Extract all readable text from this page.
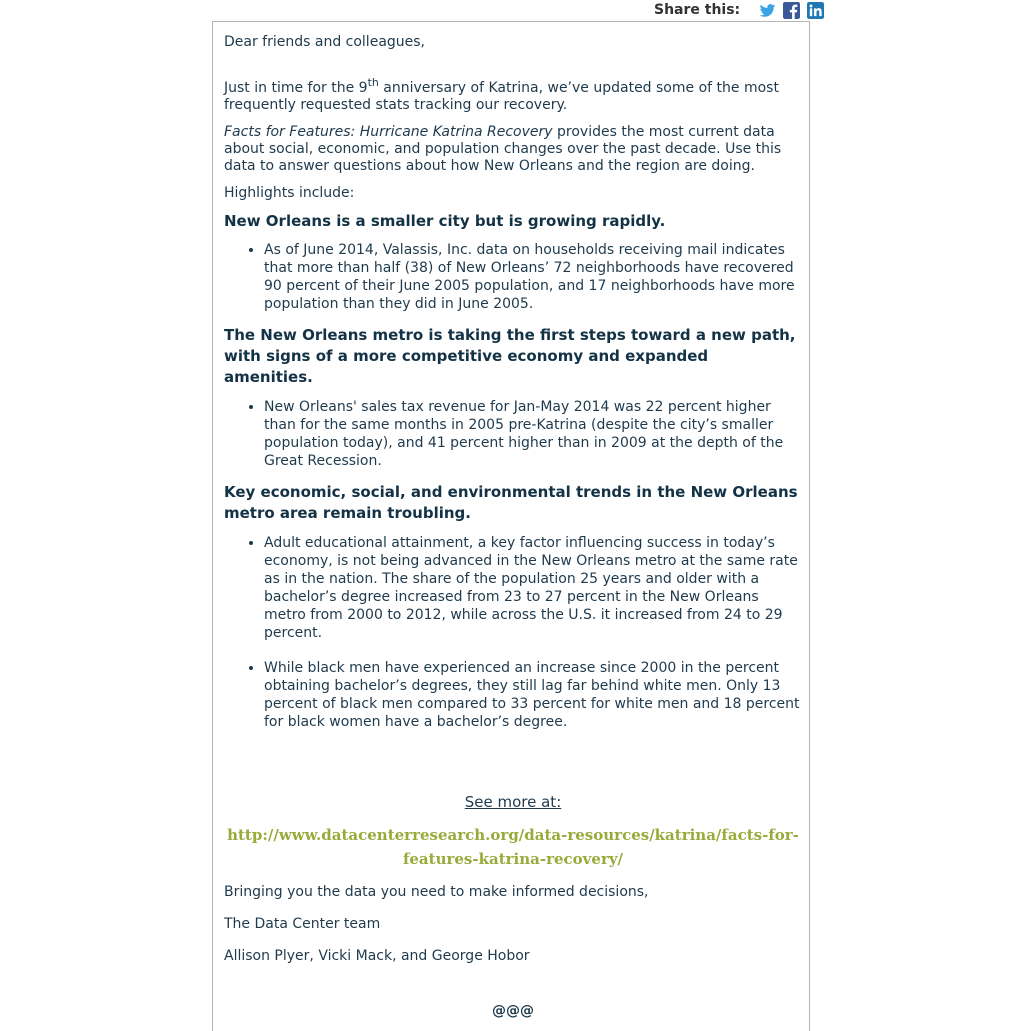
Share this:

Dear friends and colleagues,

Just in time for the 9th anniversary of Katrina, we’ve updated some of the most frequently requested stats tracking our recovery.

Facts for Features: Hurricane Katrina Recovery provides the most current data about social, economic, and population changes over the past decade. Use this data to answer questions about how New Orleans and the region are doing.

Highlights include:

New Orleans is a smaller city but is growing rapidly.
• As of June 2014, Valassis, Inc. data on households receiving mail indicates that more than half (38) of New Orleans’ 72 neighborhoods have recovered 90 percent of their June 2005 population, and 17 neighborhoods have more population than they did in June 2005.
The New Orleans metro is taking the first steps toward a new path, with signs of a more competitive economy and expanded amenities.
• New Orleans' sales tax revenue for Jan-May 2014 was 22 percent higher than for the same months in 2005 pre-Katrina (despite the city’s smaller population today), and 41 percent higher than in 2009 at the depth of the Great Recession.
Key economic, social, and environmental trends in the New Orleans metro area remain troubling.
• Adult educational attainment, a key factor influencing success in today’s economy, is not being advanced in the New Orleans metro at the same rate as in the nation. The share of the population 25 years and older with a bachelor’s degree increased from 23 to 27 percent in the New Orleans metro from 2000 to 2012, while across the U.S. it increased from 24 to 29 percent.
• While black men have experienced an increase since 2000 in the percent obtaining bachelor’s degrees, they still lag far behind white men. Only 13 percent of black men compared to 33 percent for white men and 18 percent for black women have a bachelor’s degree.

See more at:

http://www.datacenterresearch.org/data-resources/katrina/facts-for-features-katrina-recovery/

Bringing you the data you need to make informed decisions,

The Data Center team

Allison Plyer, Vicki Mack, and George Hobor

@@@
